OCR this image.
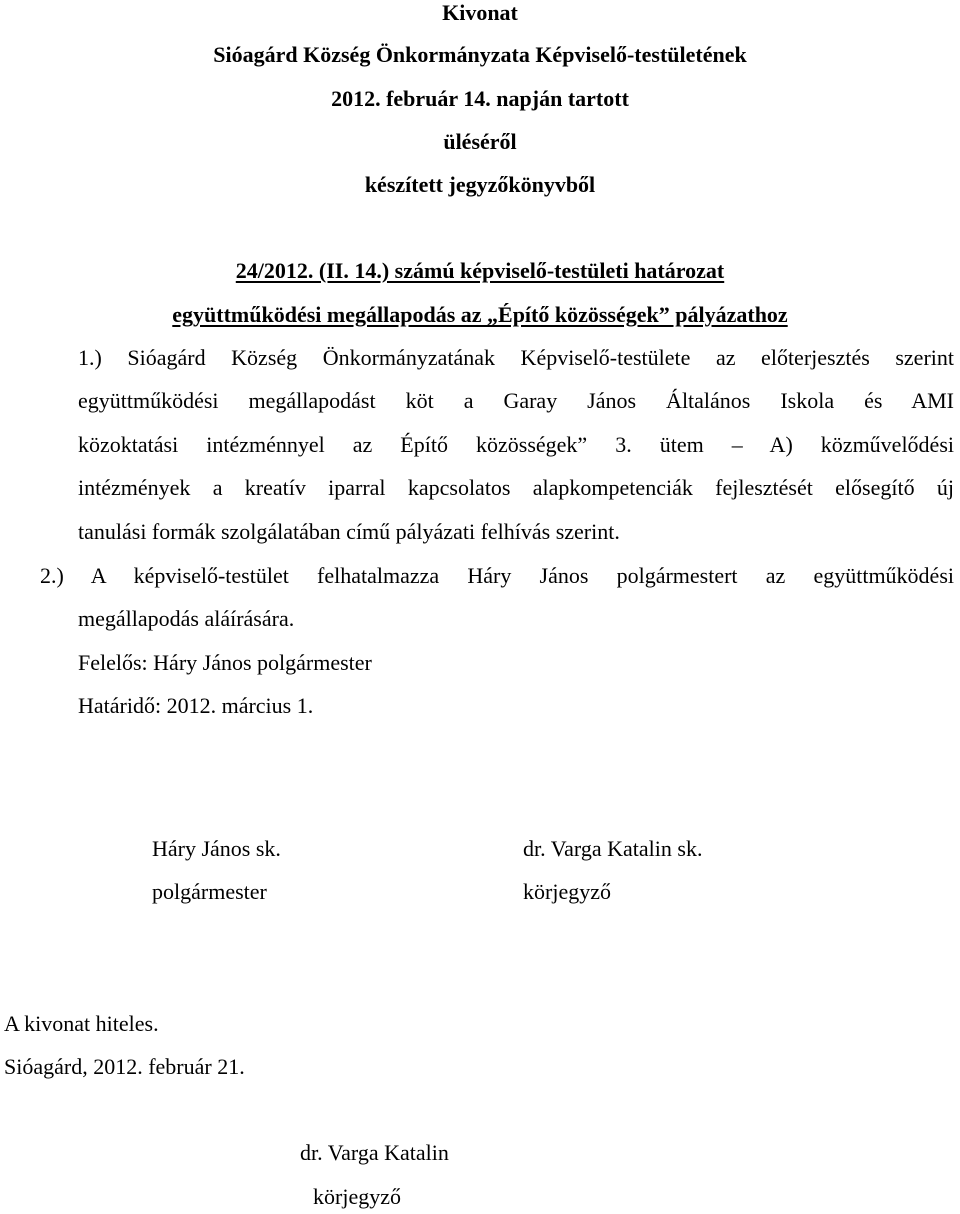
Kivonat
Sióagárd Község Önkormányzata Képviselő-testületének
2012. február 14. napján tartott
üléséről
készített jegyzőkönyvből
24/2012. (II. 14.) számú képviselő-testületi határozat
együttműködési megállapodás az „Építő közösségek” pályázathoz
1.) Sióagárd Község Önkormányzatának Képviselő-testülete az előterjesztés szerint
együttműködési megállapodást köt a Garay János Általános Iskola és AMI
közoktatási intézménnyel az Építő közösségek” 3. ütem – A) közművelődési
intézmények a kreatív iparral kapcsolatos alapkompetenciák fejlesztését elősegítő új
tanulási formák szolgálatában című pályázati felhívás szerint.
2.) A képviselő-testület felhatalmazza Háry János polgármestert az együttműködési
megállapodás aláírására.
Felelős: Háry János polgármester
Határidő: 2012. március 1.
Háry János sk.
polgármester
dr. Varga Katalin sk.
körjegyző
A kivonat hiteles.
Sióagárd, 2012. február 21.
dr. Varga Katalin
körjegyző
